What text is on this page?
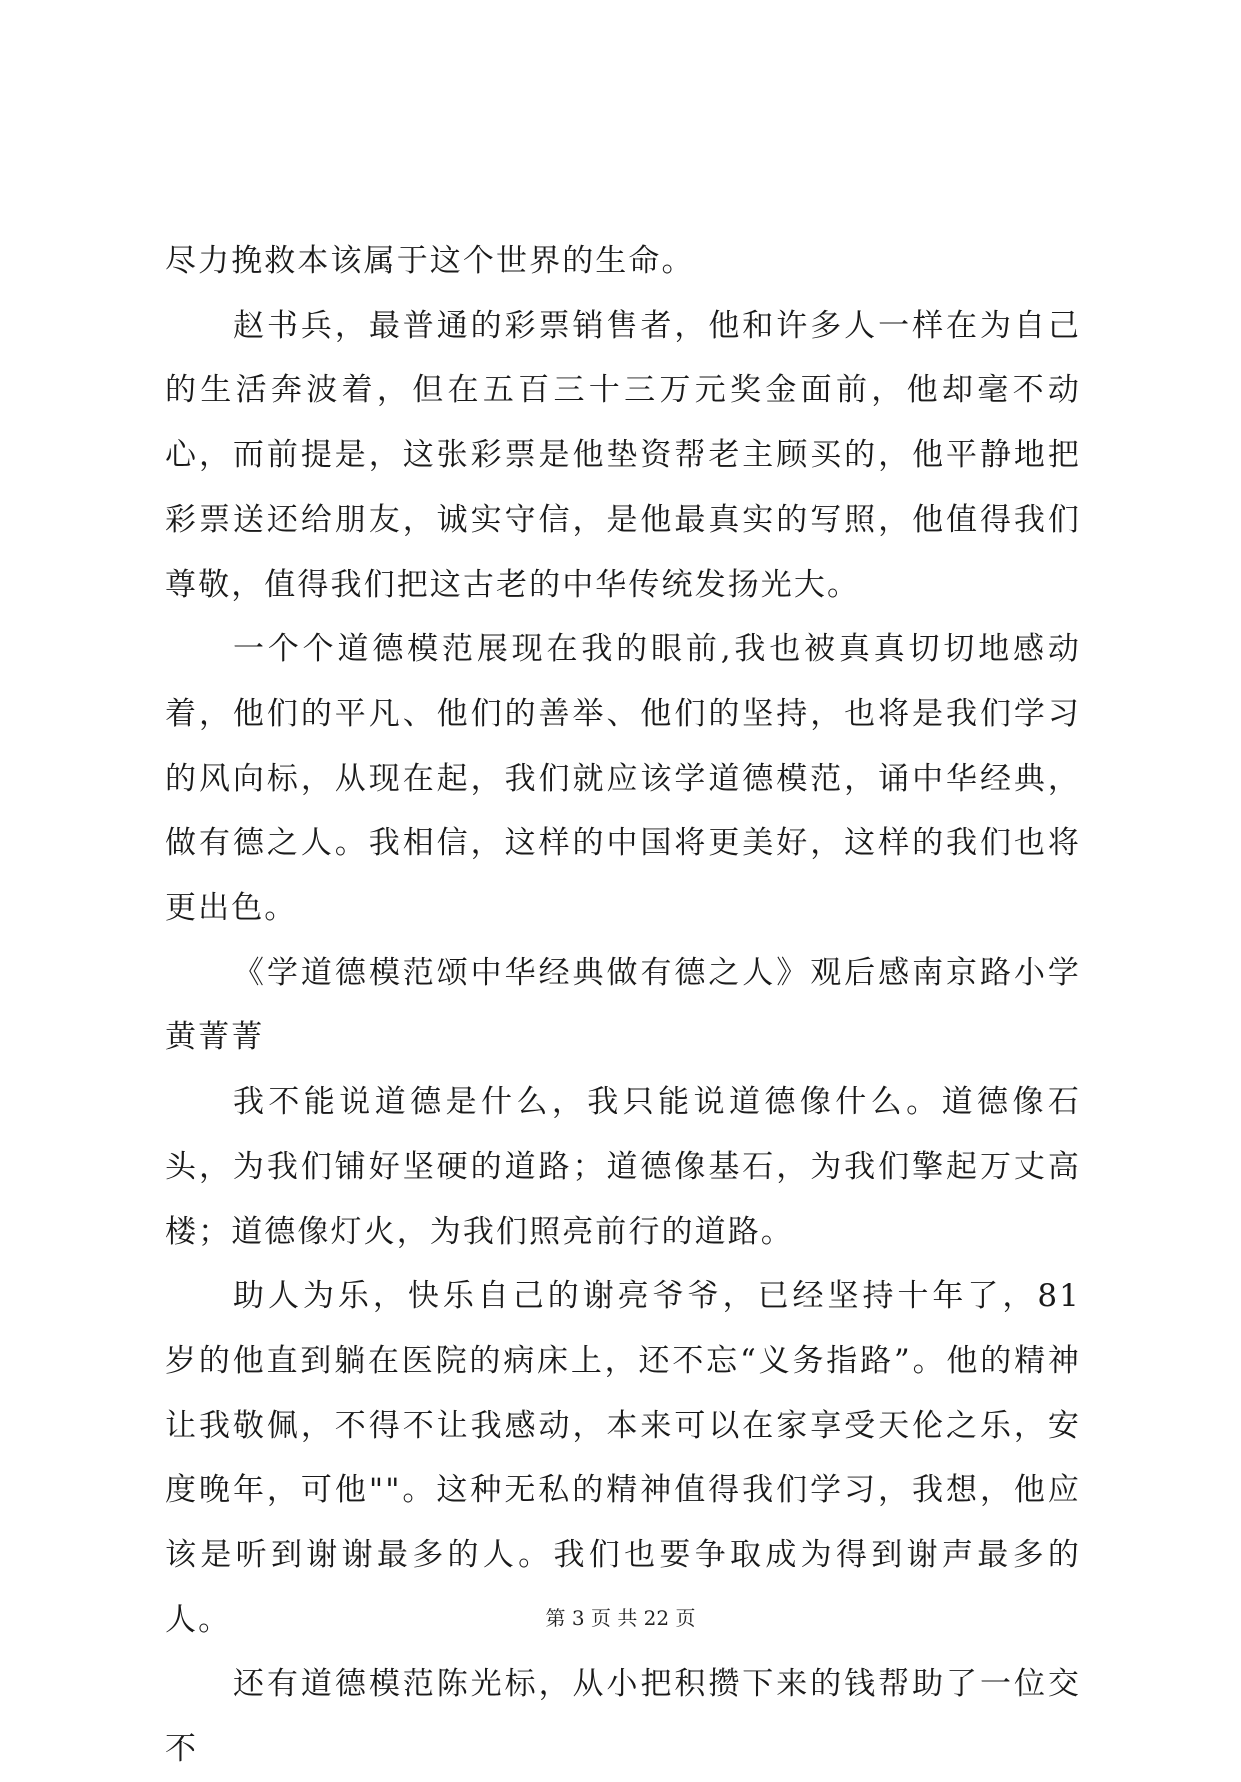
尽力挽救本该属于这个世界的生命。

赵书兵，最普通的彩票销售者，他和许多人一样在为自己的生活奔波着，但在五百三十三万元奖金面前，他却毫不动心，而前提是，这张彩票是他垫资帮老主顾买的，他平静地把彩票送还给朋友，诚实守信，是他最真实的写照，他值得我们尊敬，值得我们把这古老的中华传统发扬光大。

一个个道德模范展现在我的眼前,我也被真真切切地感动着，他们的平凡、他们的善举、他们的坚持，也将是我们学习的风向标，从现在起，我们就应该学道德模范，诵中华经典，做有德之人。我相信，这样的中国将更美好，这样的我们也将更出色。

《学道德模范颂中华经典做有德之人》观后感南京路小学黄菁菁

我不能说道德是什么，我只能说道德像什么。道德像石头，为我们铺好坚硬的道路；道德像基石，为我们擎起万丈高楼；道德像灯火，为我们照亮前行的道路。

助人为乐，快乐自己的谢亮爷爷，已经坚持十年了，81 岁的他直到躺在医院的病床上，还不忘“义务指路”。他的精神让我敬佩，不得不让我感动，本来可以在家享受天伦之乐，安度晚年，可他""。这种无私的精神值得我们学习，我想，他应该是听到谢谢最多的人。我们也要争取成为得到谢声最多的人。

还有道德模范陈光标，从小把积攒下来的钱帮助了一位交不

第 3 页 共 22 页
